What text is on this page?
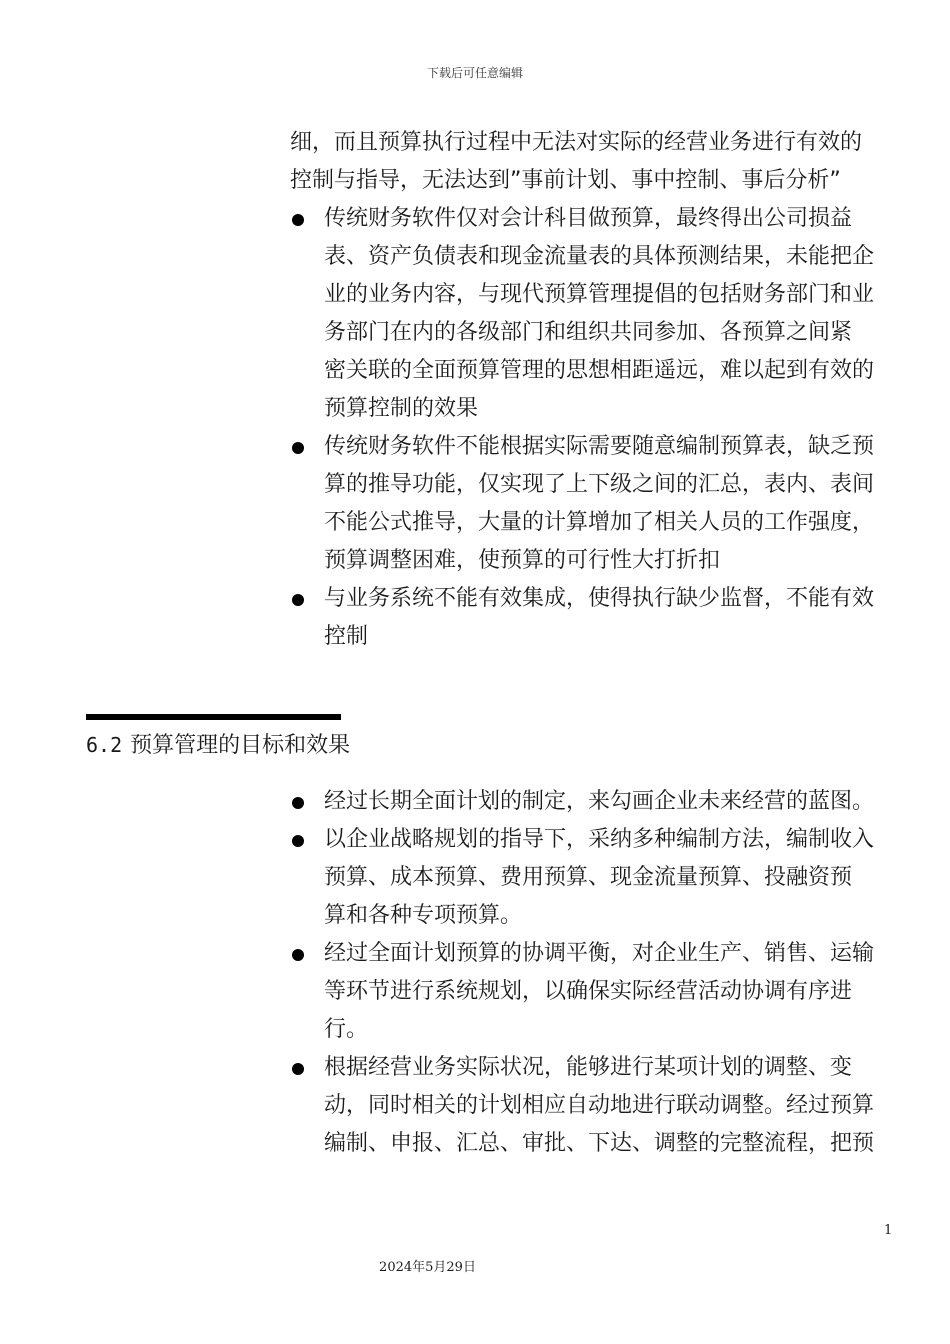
下载后可任意编辑

细，而且预算执行过程中无法对实际的经营业务进行有效的

控制与指导，无法达到”事前计划、事中控制、事后分析”

传统财务软件仅对会计科目做预算，最终得出公司损益
表、资产负债表和现金流量表的具体预测结果，未能把企
业的业务内容，与现代预算管理提倡的包括财务部门和业
务部门在内的各级部门和组织共同参加、各预算之间紧
密关联的全面预算管理的思想相距遥远，难以起到有效的
预算控制的效果
传统财务软件不能根据实际需要随意编制预算表，缺乏预
算的推导功能，仅实现了上下级之间的汇总，表内、表间
不能公式推导，大量的计算增加了相关人员的工作强度，
预算调整困难，使预算的可行性大打折扣
与业务系统不能有效集成，使得执行缺少监督，不能有效
控制
6.2 预算管理的目标和效果
经过长期全面计划的制定，来勾画企业未来经营的蓝图。
以企业战略规划的指导下，采纳多种编制方法，编制收入
预算、成本预算、费用预算、现金流量预算、投融资预
算和各种专项预算。
经过全面计划预算的协调平衡，对企业生产、销售、运输
等环节进行系统规划，以确保实际经营活动协调有序进
行。
根据经营业务实际状况，能够进行某项计划的调整、变
动，同时相关的计划相应自动地进行联动调整。经过预算
编制、申报、汇总、审批、下达、调整的完整流程，把预
1
2024年5月29日
